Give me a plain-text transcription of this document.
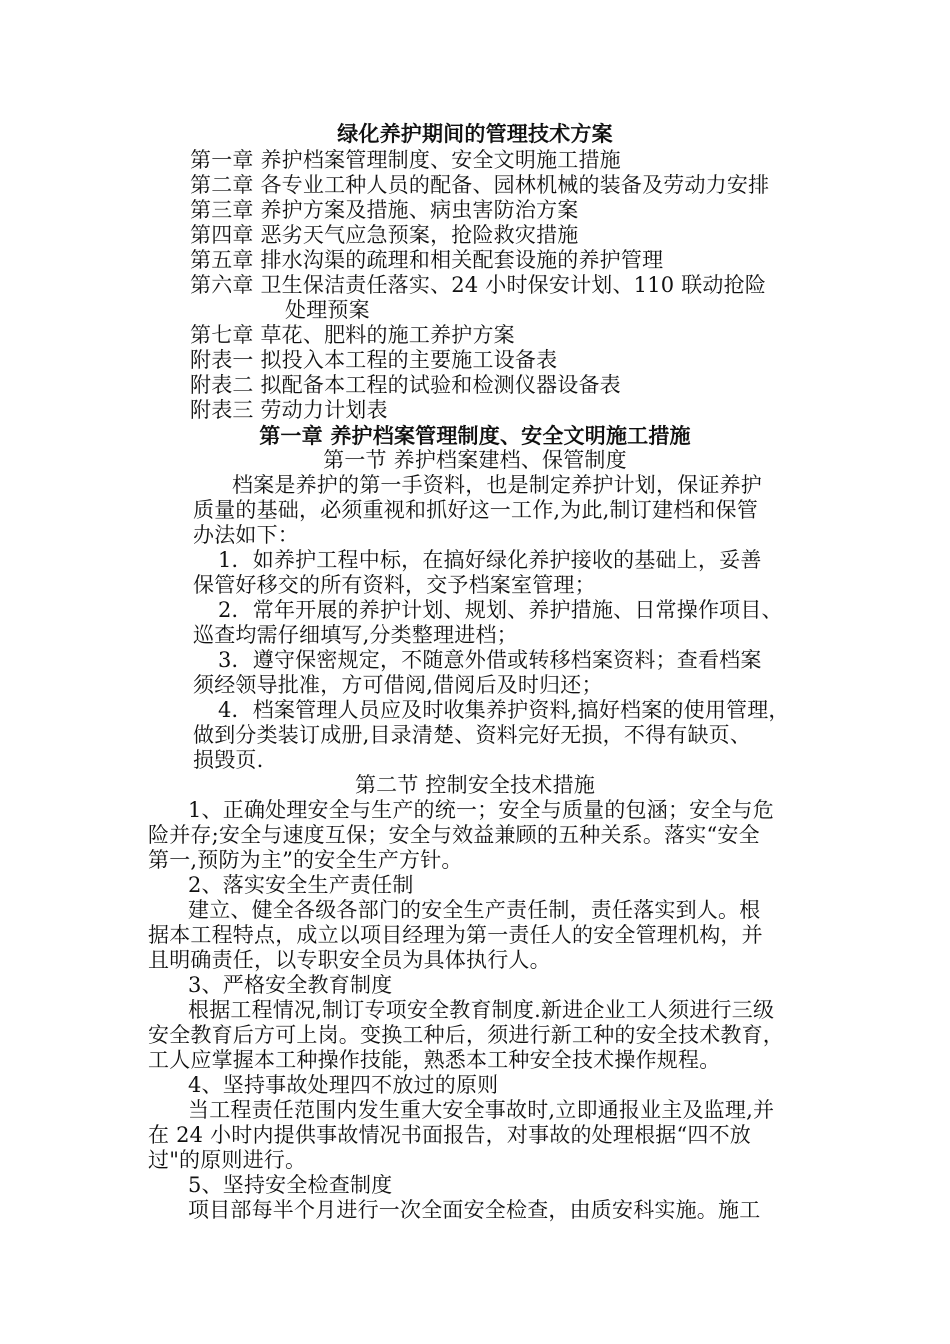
绿化养护期间的管理技术方案
第一章 养护档案管理制度、安全文明施工措施
第二章 各专业工种人员的配备、园林机械的装备及劳动力安排
第三章 养护方案及措施、病虫害防治方案
第四章 恶劣天气应急预案，抢险救灾措施
第五章 排水沟渠的疏理和相关配套设施的养护管理
第六章 卫生保洁责任落实、24 小时保安计划、110 联动抢险
处理预案
第七章 草花、肥料的施工养护方案
附表一 拟投入本工程的主要施工设备表
附表二 拟配备本工程的试验和检测仪器设备表
附表三 劳动力计划表
第一章 养护档案管理制度、安全文明施工措施
第一节 养护档案建档、保管制度
档案是养护的第一手资料，也是制定养护计划，保证养护
质量的基础，必须重视和抓好这一工作,为此,制订建档和保管
办法如下：
1．如养护工程中标，在搞好绿化养护接收的基础上，妥善
保管好移交的所有资料，交予档案室管理；
2．常年开展的养护计划、规划、养护措施、日常操作项目、
巡查均需仔细填写,分类整理进档；
3．遵守保密规定，不随意外借或转移档案资料；查看档案
须经领导批准，方可借阅,借阅后及时归还；
4．档案管理人员应及时收集养护资料,搞好档案的使用管理，
做到分类装订成册,目录清楚、资料完好无损，不得有缺页、
损毁页.
第二节 控制安全技术措施
1、正确处理安全与生产的统一；安全与质量的包涵；安全与危
险并存;安全与速度互保；安全与效益兼顾的五种关系。落实“安全
第一,预防为主”的安全生产方针。
2、落实安全生产责任制
建立、健全各级各部门的安全生产责任制，责任落实到人。根
据本工程特点，成立以项目经理为第一责任人的安全管理机构，并
且明确责任，以专职安全员为具体执行人。
3、严格安全教育制度
根据工程情况,制订专项安全教育制度.新进企业工人须进行三级
安全教育后方可上岗。变换工种后，须进行新工种的安全技术教育，
工人应掌握本工种操作技能，熟悉本工种安全技术操作规程。
4、坚持事故处理四不放过的原则
当工程责任范围内发生重大安全事故时,立即通报业主及监理,并
在 24 小时内提供事故情况书面报告，对事故的处理根据“四不放
过"的原则进行。
5、坚持安全检查制度
项目部每半个月进行一次全面安全检查，由质安科实施。施工
